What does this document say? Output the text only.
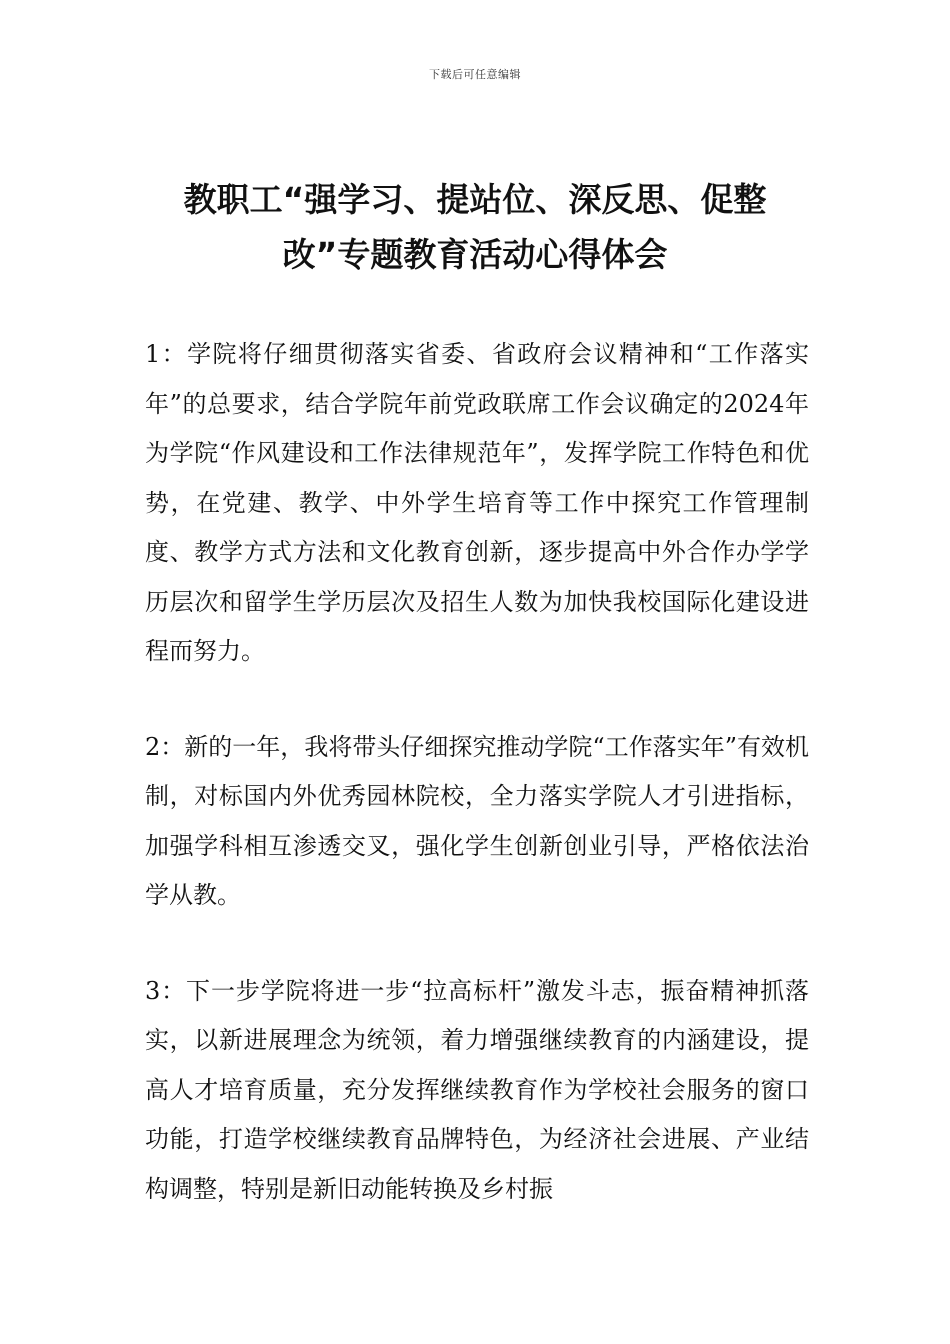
下载后可任意编辑
教职工“强学习、提站位、深反思、促整改”专题教育活动心得体会

1：学院将仔细贯彻落实省委、省政府会议精神和“工作落实年”的总要求，结合学院年前党政联席工作会议确定的2024年为学院“作风建设和工作法律规范年”，发挥学院工作特色和优势，在党建、教学、中外学生培育等工作中探究工作管理制度、教学方式方法和文化教育创新，逐步提高中外合作办学学历层次和留学生学历层次及招生人数为加快我校国际化建设进程而努力。

2：新的一年，我将带头仔细探究推动学院“工作落实年”有效机制，对标国内外优秀园林院校，全力落实学院人才引进指标，加强学科相互渗透交叉，强化学生创新创业引导，严格依法治学从教。

3：下一步学院将进一步“拉高标杆”激发斗志，振奋精神抓落实，以新进展理念为统领，着力增强继续教育的内涵建设，提高人才培育质量，充分发挥继续教育作为学校社会服务的窗口功能，打造学校继续教育品牌特色，为经济社会进展、产业结构调整，特别是新旧动能转换及乡村振
